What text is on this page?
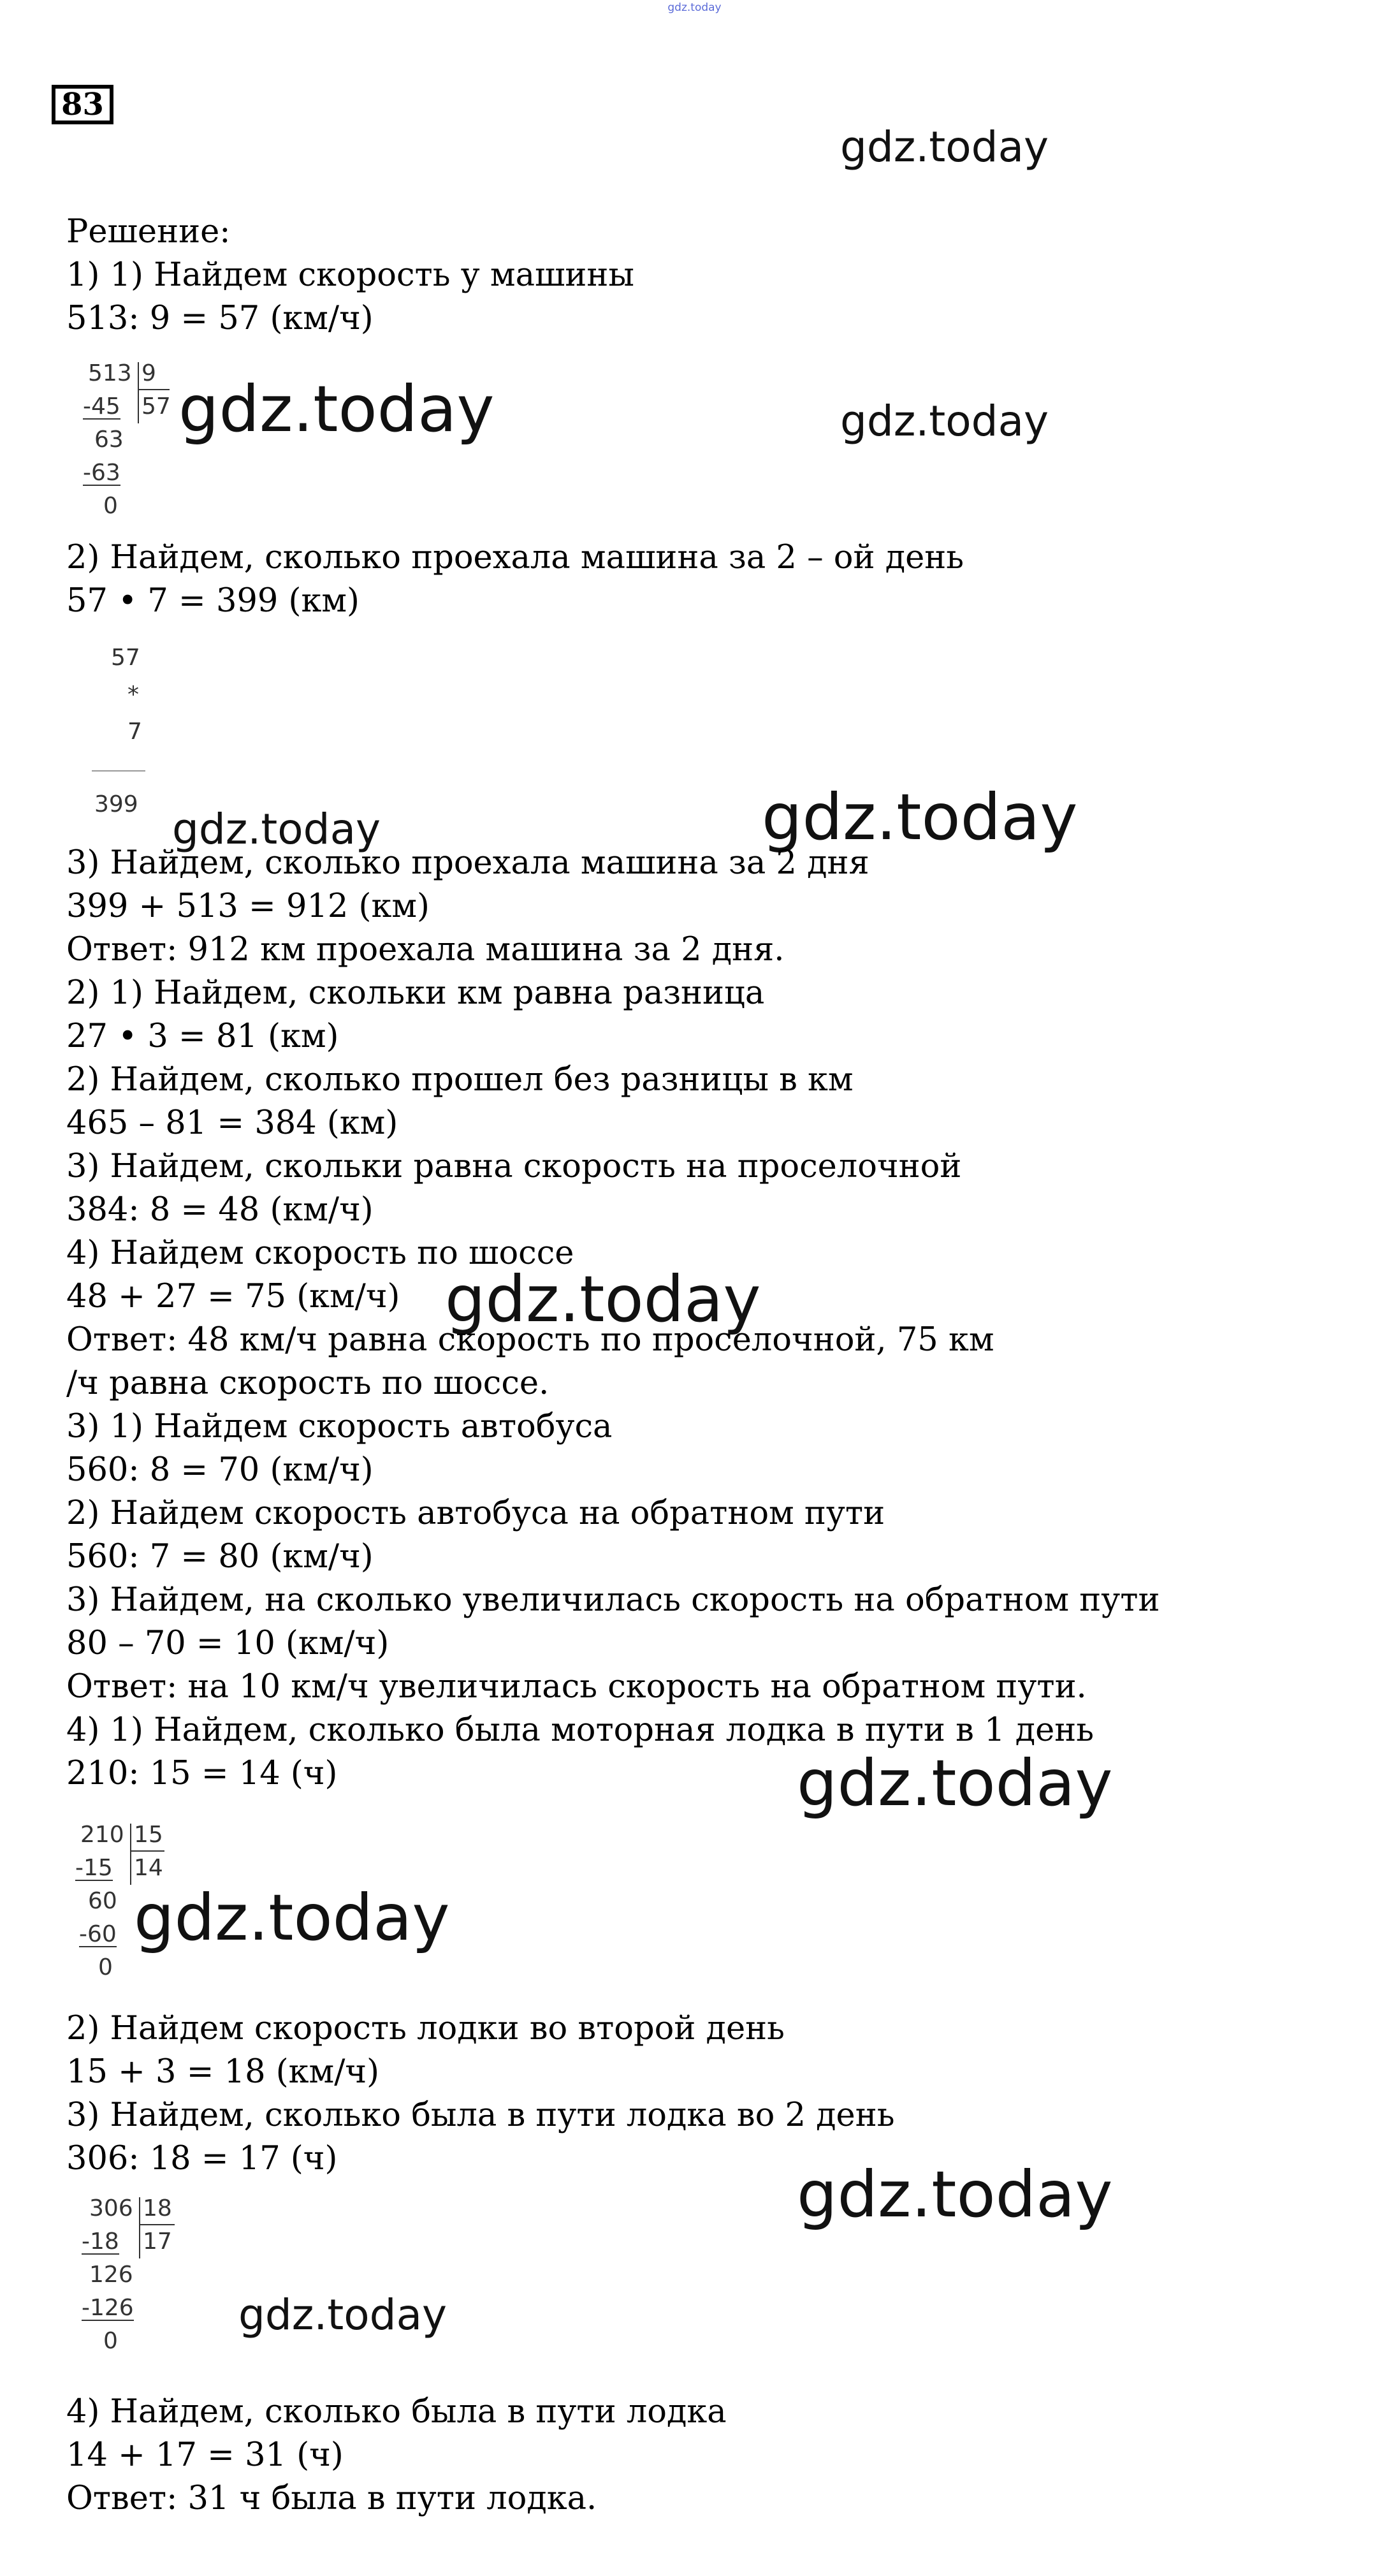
gdz.today
83
gdz.today
gdz.today	gdz.today
gdz.today	gdz.today
gdz.today
gdz.today
gdz.today
gdz.today
gdz.today
Решение:
1) 1) Найдем скорость у машины
513: 9 = 57 (км/ч)
2) Найдем, сколько проехала машина за 2 – ой день
57 • 7 = 399 (км)
3) Найдем, сколько проехала машина за 2 дня
399 + 513 = 912 (км)
Ответ: 912 км проехала машина за 2 дня.
2) 1) Найдем, скольки км равна разница
27 • 3 = 81 (км)
2) Найдем, сколько прошел без разницы в км
465 – 81 = 384 (км)
3) Найдем, скольки равна скорость на проселочной
384: 8 = 48 (км/ч)
4) Найдем скорость по шоссе
48 + 27 = 75 (км/ч)
Ответ: 48 км/ч равна скорость по проселочной, 75 км
/ч равна скорость по шоссе.
3) 1) Найдем скорость автобуса
560: 8 = 70 (км/ч)
2) Найдем скорость автобуса на обратном пути
560: 7 = 80 (км/ч)
3) Найдем, на сколько увеличилась скорость на обратном пути
80 – 70 = 10 (км/ч)
Ответ: на 10 км/ч увеличилась скорость на обратном пути.
4) 1) Найдем, сколько была моторная лодка в пути в 1 день
210: 15 = 14 (ч)
2) Найдем скорость лодки во второй день
15 + 3 = 18 (км/ч)
3) Найдем, сколько была в пути лодка во 2 день
306: 18 = 17 (ч)
4) Найдем, сколько была в пути лодка
14 + 17 = 31 (ч)
Ответ: 31 ч была в пути лодка.
513 9
57
-45
63
-63
0
57
*
7
399
210 15
14
-15
60
-60
0
306 18
17
-18
126
-126
0
